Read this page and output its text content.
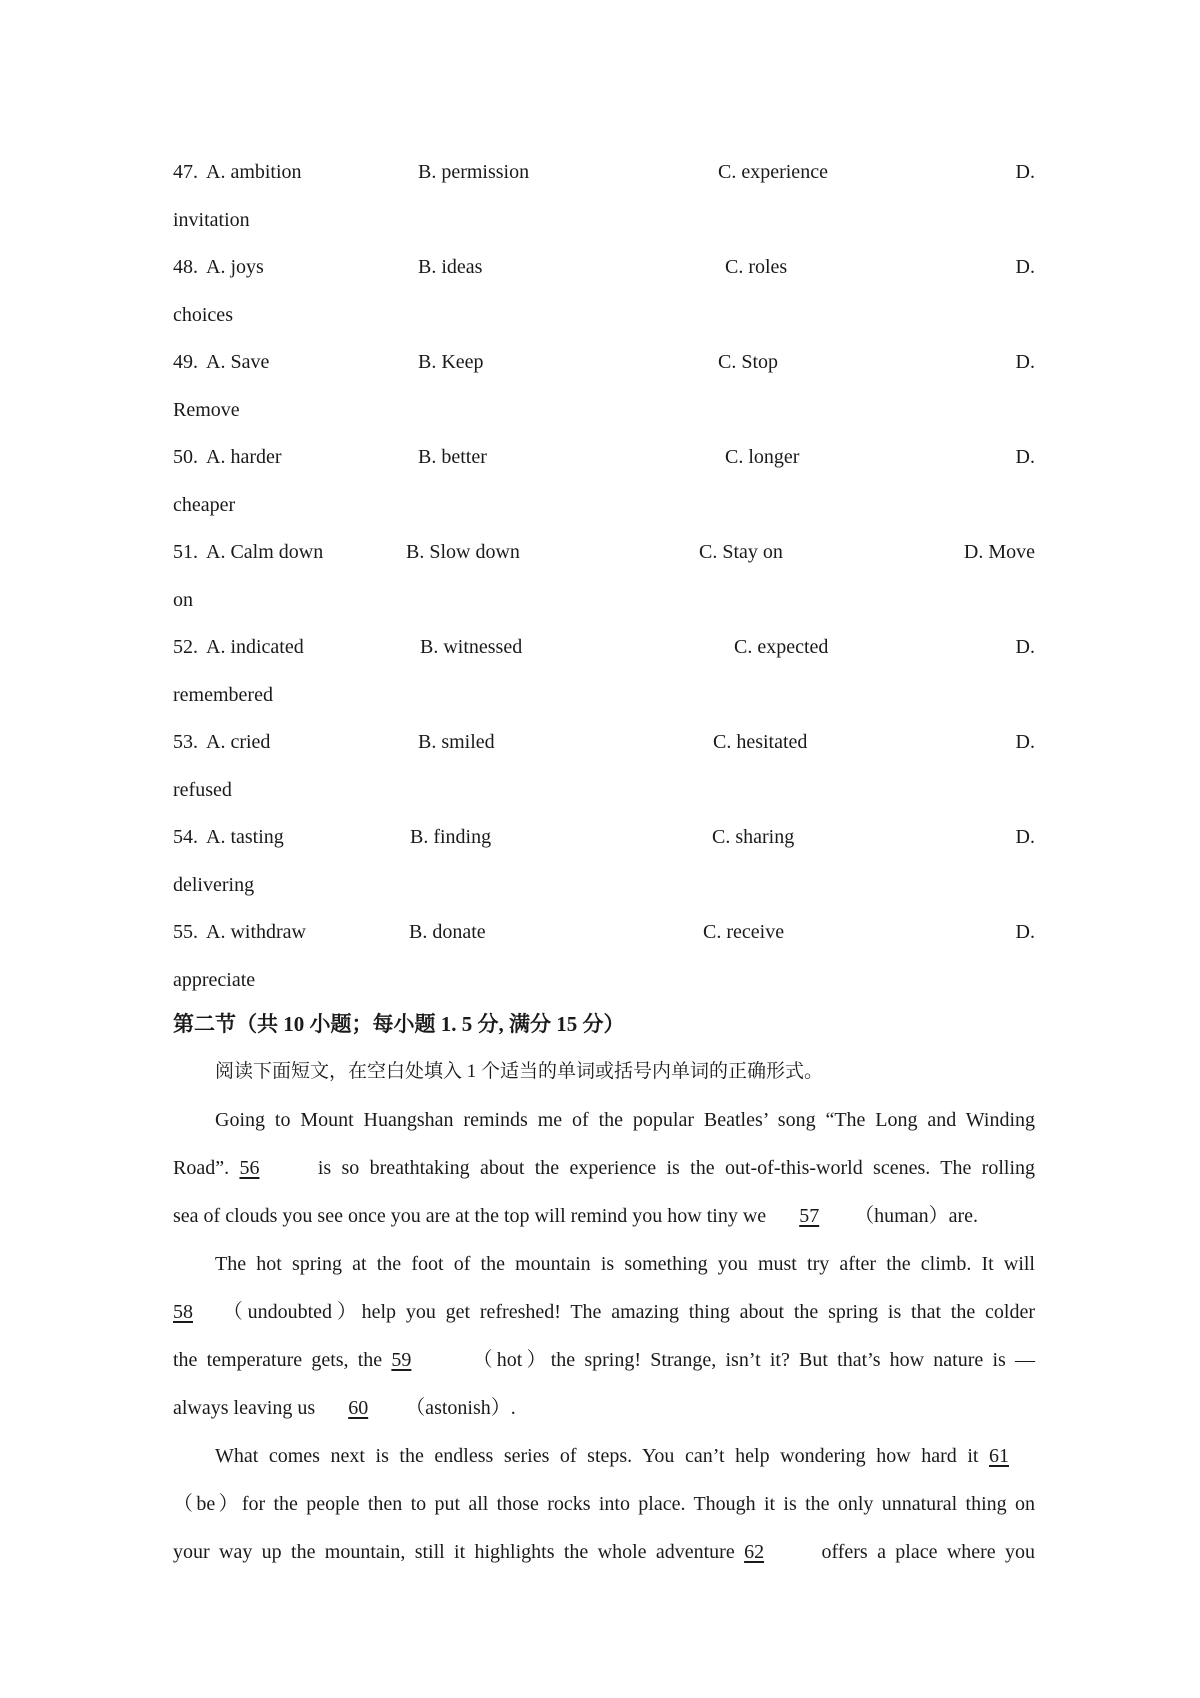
47. A. ambition	B. permission	C. experience	D.
invitation
48. A. joys	B. ideas	C. roles	D.
choices
49. A. Save	B. Keep	C. Stop	D.
Remove
50. A. harder	B. better	C. longer	D.
cheaper
51. A. Calm down	B. Slow down	C. Stay on	D. Move
on
52. A. indicated	B. witnessed	C. expected	D.
remembered
53. A. cried	B. smiled	C. hesitated	D.
refused
54. A. tasting	B. finding	C. sharing	D.
delivering
55. A. withdraw	B. donate	C. receive	D.
appreciate
第二节（共 10 小题；每小题 1. 5 分, 满分 15 分）
阅读下面短文，在空白处填入 1 个适当的单词或括号内单词的正确形式。
Going to Mount Huangshan reminds me of the popular Beatles’ song “The Long and Winding
Road”. 56	is so breathtaking about the experience is the out-of-this-world scenes. The rolling
sea of clouds you see once you are at the top will remind you how tiny we 57 （human）are.
The hot spring at the foot of the mountain is something you must try after the climb. It will
58 （undoubted）help you get refreshed! The amazing thing about the spring is that the colder
the temperature gets, the 59	（hot）the spring! Strange, isn’t it? But that’s how nature is —
always leaving us 60 （astonish）.
What comes next is the endless series of steps. You can’t help wondering how hard it 61
（be）for the people then to put all those rocks into place. Though it is the only unnatural thing on
your way up the mountain, still it highlights the whole adventure 62	offers a place where you
